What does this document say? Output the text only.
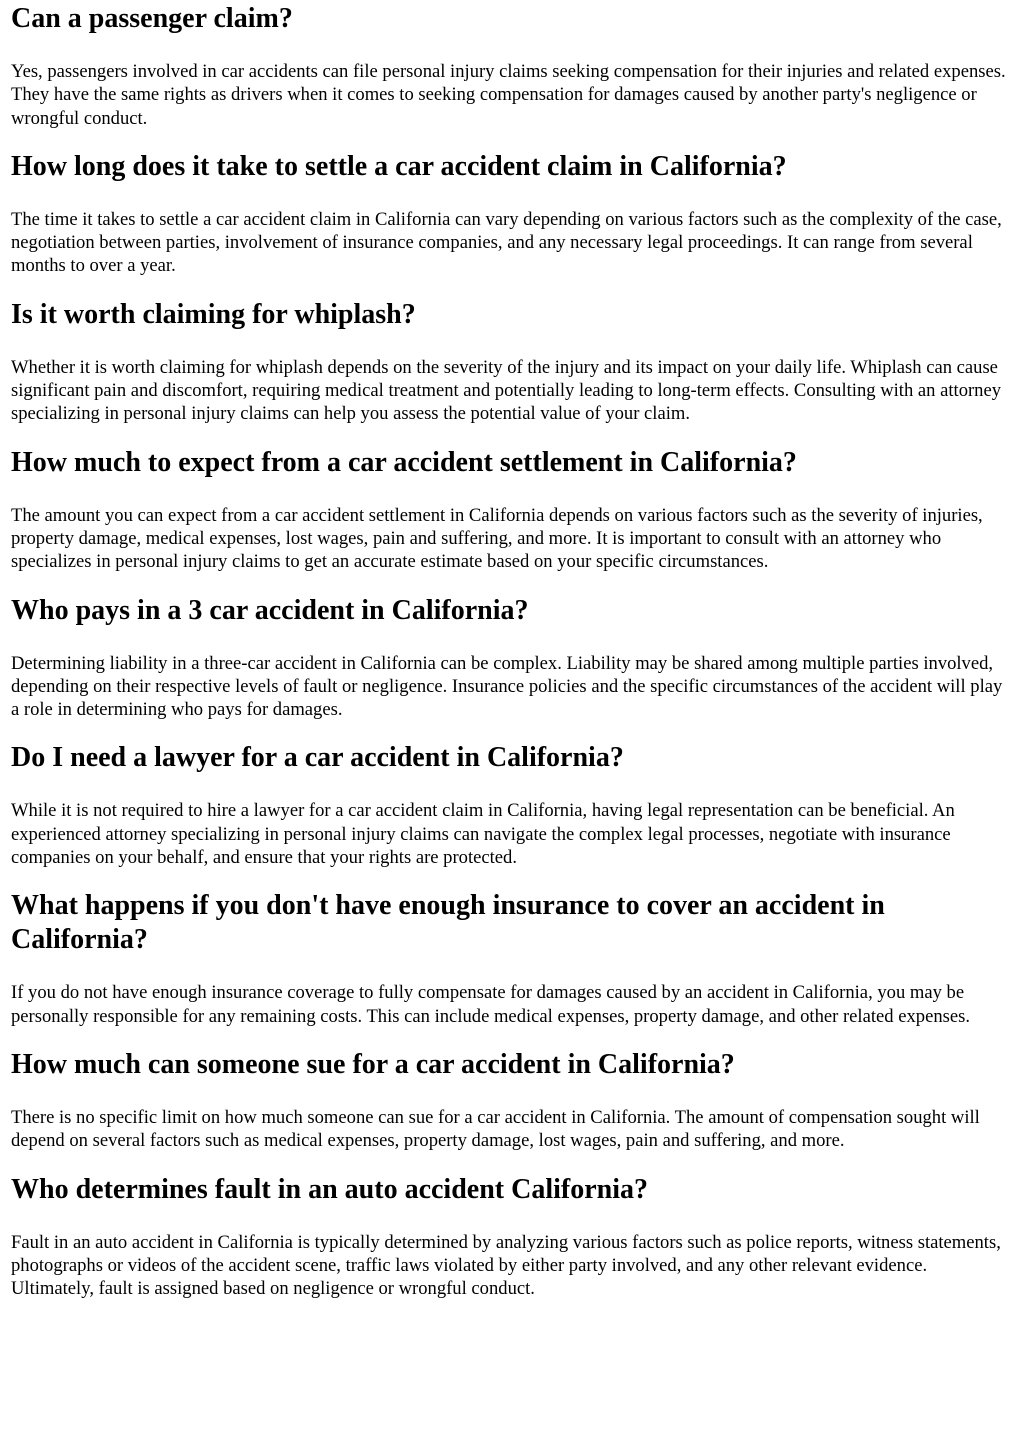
Can a passenger claim?

Yes, passengers involved in car accidents can file personal injury claims seeking compensation for their injuries and related expenses. They have the same rights as drivers when it comes to seeking compensation for damages caused by another party's negligence or wrongful conduct.

How long does it take to settle a car accident claim in California?

The time it takes to settle a car accident claim in California can vary depending on various factors such as the complexity of the case, negotiation between parties, involvement of insurance companies, and any necessary legal proceedings. It can range from several months to over a year.

Is it worth claiming for whiplash?

Whether it is worth claiming for whiplash depends on the severity of the injury and its impact on your daily life. Whiplash can cause significant pain and discomfort, requiring medical treatment and potentially leading to long-term effects. Consulting with an attorney specializing in personal injury claims can help you assess the potential value of your claim.

How much to expect from a car accident settlement in California?

The amount you can expect from a car accident settlement in California depends on various factors such as the severity of injuries, property damage, medical expenses, lost wages, pain and suffering, and more. It is important to consult with an attorney who specializes in personal injury claims to get an accurate estimate based on your specific circumstances.

Who pays in a 3 car accident in California?

Determining liability in a three-car accident in California can be complex. Liability may be shared among multiple parties involved, depending on their respective levels of fault or negligence. Insurance policies and the specific circumstances of the accident will play a role in determining who pays for damages.

Do I need a lawyer for a car accident in California?

While it is not required to hire a lawyer for a car accident claim in California, having legal representation can be beneficial. An experienced attorney specializing in personal injury claims can navigate the complex legal processes, negotiate with insurance companies on your behalf, and ensure that your rights are protected.

What happens if you don't have enough insurance to cover an accident in California?

If you do not have enough insurance coverage to fully compensate for damages caused by an accident in California, you may be personally responsible for any remaining costs. This can include medical expenses, property damage, and other related expenses.

How much can someone sue for a car accident in California?

There is no specific limit on how much someone can sue for a car accident in California. The amount of compensation sought will depend on several factors such as medical expenses, property damage, lost wages, pain and suffering, and more.

Who determines fault in an auto accident California?

Fault in an auto accident in California is typically determined by analyzing various factors such as police reports, witness statements, photographs or videos of the accident scene, traffic laws violated by either party involved, and any other relevant evidence. Ultimately, fault is assigned based on negligence or wrongful conduct.
